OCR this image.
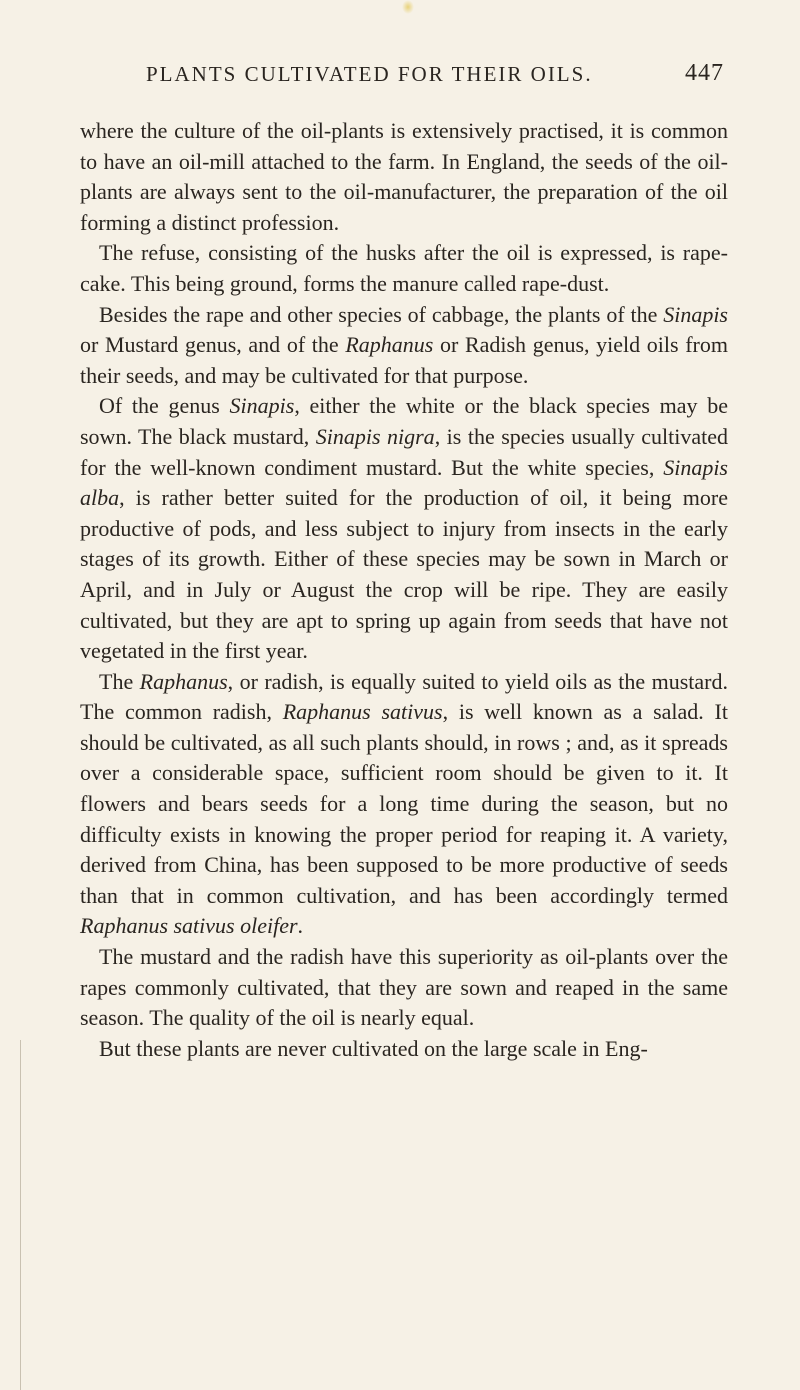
PLANTS CULTIVATED FOR THEIR OILS.	447

where the culture of the oil-plants is extensively practised, it is common to have an oil-mill attached to the farm. In England, the seeds of the oil-plants are always sent to the oil-manufacturer, the preparation of the oil forming a distinct profession.

The refuse, consisting of the husks after the oil is expressed, is rape-cake. This being ground, forms the manure called rape-dust.

Besides the rape and other species of cabbage, the plants of the Sinapis or Mustard genus, and of the Raphanus or Radish genus, yield oils from their seeds, and may be cultivated for that purpose.

Of the genus Sinapis, either the white or the black species may be sown. The black mustard, Sinapis nigra, is the species usually cultivated for the well-known condiment mustard. But the white species, Sinapis alba, is rather better suited for the production of oil, it being more productive of pods, and less subject to injury from insects in the early stages of its growth. Either of these species may be sown in March or April, and in July or August the crop will be ripe. They are easily cultivated, but they are apt to spring up again from seeds that have not vegetated in the first year.

The Raphanus, or radish, is equally suited to yield oils as the mustard. The common radish, Raphanus sativus, is well known as a salad. It should be cultivated, as all such plants should, in rows ; and, as it spreads over a considerable space, sufficient room should be given to it. It flowers and bears seeds for a long time during the season, but no difficulty exists in knowing the proper period for reaping it. A variety, derived from China, has been supposed to be more productive of seeds than that in common cultivation, and has been accordingly termed Raphanus sativus oleifer.

The mustard and the radish have this superiority as oil-plants over the rapes commonly cultivated, that they are sown and reaped in the same season. The quality of the oil is nearly equal.

But these plants are never cultivated on the large scale in Eng-
